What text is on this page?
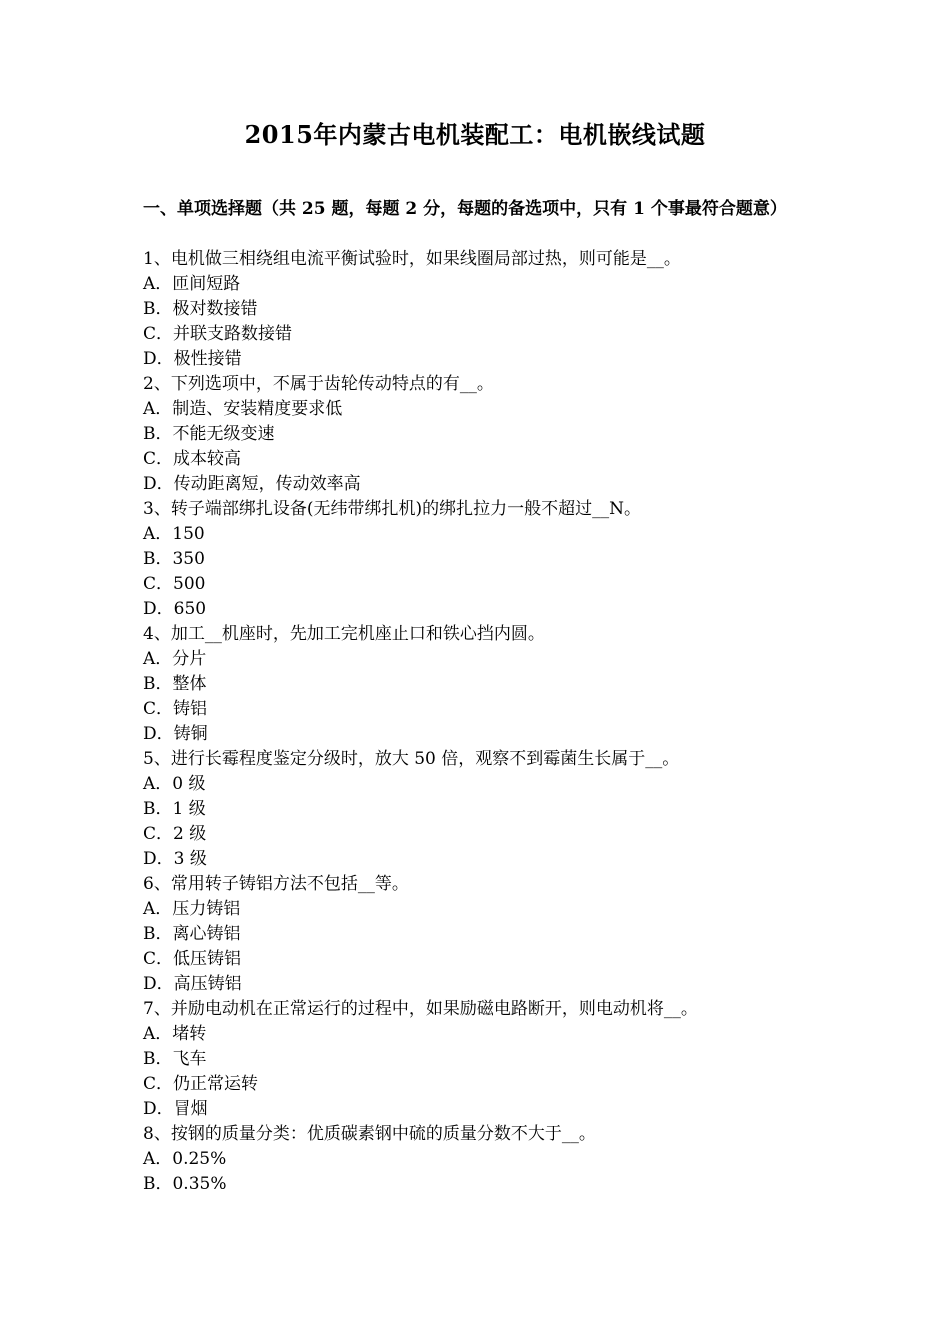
2015年内蒙古电机装配工：电机嵌线试题
一、单项选择题（共 25 题，每题 2 分，每题的备选项中，只有 1 个事最符合题意）
1、电机做三相绕组电流平衡试验时，如果线圈局部过热，则可能是__。
A．匝间短路
B．极对数接错
C．并联支路数接错
D．极性接错
2、下列选项中，不属于齿轮传动特点的有__。
A．制造、安装精度要求低
B．不能无级变速
C．成本较高
D．传动距离短，传动效率高
3、转子端部绑扎设备(无纬带绑扎机)的绑扎拉力一般不超过__N。
A．150
B．350
C．500
D．650
4、加工__机座时，先加工完机座止口和铁心挡内圆。
A．分片
B．整体
C．铸铝
D．铸铜
5、进行长霉程度鉴定分级时，放大 50 倍，观察不到霉菌生长属于__。
A．0 级
B．1 级
C．2 级
D．3 级
6、常用转子铸铝方法不包括__等。
A．压力铸铝
B．离心铸铝
C．低压铸铝
D．高压铸铝
7、并励电动机在正常运行的过程中，如果励磁电路断开，则电动机将__。
A．堵转
B．飞车
C．仍正常运转
D．冒烟
8、按钢的质量分类：优质碳素钢中硫的质量分数不大于__。
A．0.25%
B．0.35%
